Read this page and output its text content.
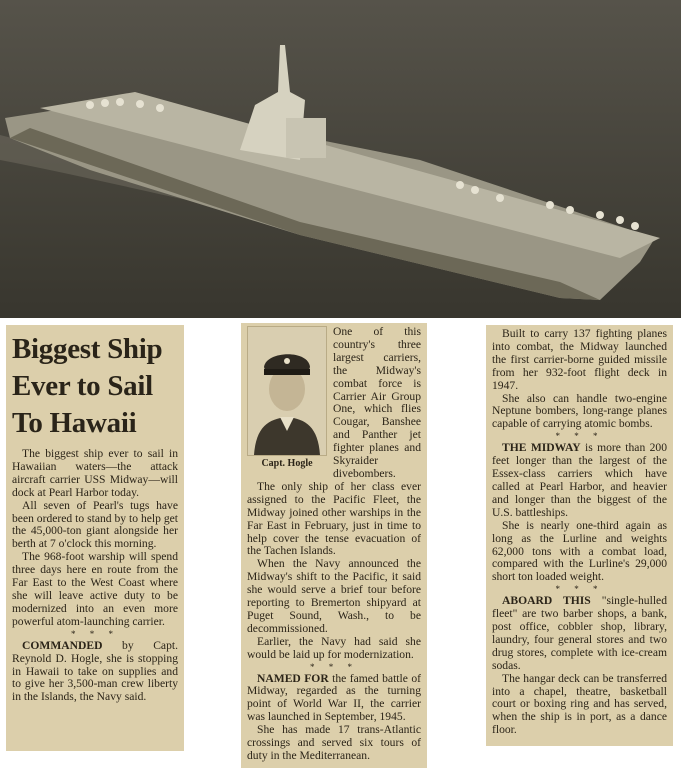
Biggest Ship
Ever to Sail
To Hawaii

The biggest ship ever to sail in Hawaiian waters—the attack aircraft carrier USS Midway—will dock at Pearl Harbor today.

All seven of Pearl's tugs have been ordered to stand by to help get the 45,000-ton giant alongside her berth at 7 o'clock this morning.

The 968-foot warship will spend three days here en route from the Far East to the West Coast where she will leave active duty to be modernized into an even more powerful atom-launching carrier.

* * *

COMMANDED by Capt. Reynold D. Hogle, she is stopping in Hawaii to take on supplies and to give her 3,500-man crew liberty in the Islands, the Navy said.

Capt. Hogle

One of this country's three largest carriers, the Midway's combat force is Carrier Air Group One, which flies Cougar, Banshee and Panther jet fighter planes and Skyraider divebombers.

The only ship of her class ever assigned to the Pacific Fleet, the Midway joined other warships in the Far East in February, just in time to help cover the tense evacuation of the Tachen Islands.

When the Navy announced the Midway's shift to the Pacific, it said she would serve a brief tour before reporting to Bremerton shipyard at Puget Sound, Wash., to be decommissioned.

Earlier, the Navy had said she would be laid up for modernization.

* * *

NAMED FOR the famed battle of Midway, regarded as the turning point of World War II, the carrier was launched in September, 1945.

She has made 17 trans-Atlantic crossings and served six tours of duty in the Mediterranean.

Built to carry 137 fighting planes into combat, the Midway launched the first carrier-borne guided missile from her 932-foot flight deck in 1947.

She also can handle two-engine Neptune bombers, long-range planes capable of carrying atomic bombs.

* * *

THE MIDWAY is more than 200 feet longer than the largest of the Essex-class carriers which have called at Pearl Harbor, and heavier and longer than the biggest of the U.S. battleships.

She is nearly one-third again as long as the Lurline and weights 62,000 tons with a combat load, compared with the Lurline's 29,000 short ton loaded weight.

* * *

ABOARD THIS "single-hulled fleet" are two barber shops, a bank, post office, cobbler shop, library, laundry, four general stores and two drug stores, complete with ice-cream sodas.

The hangar deck can be transferred into a chapel, theatre, basketball court or boxing ring and has served, when the ship is in port, as a dance floor.
